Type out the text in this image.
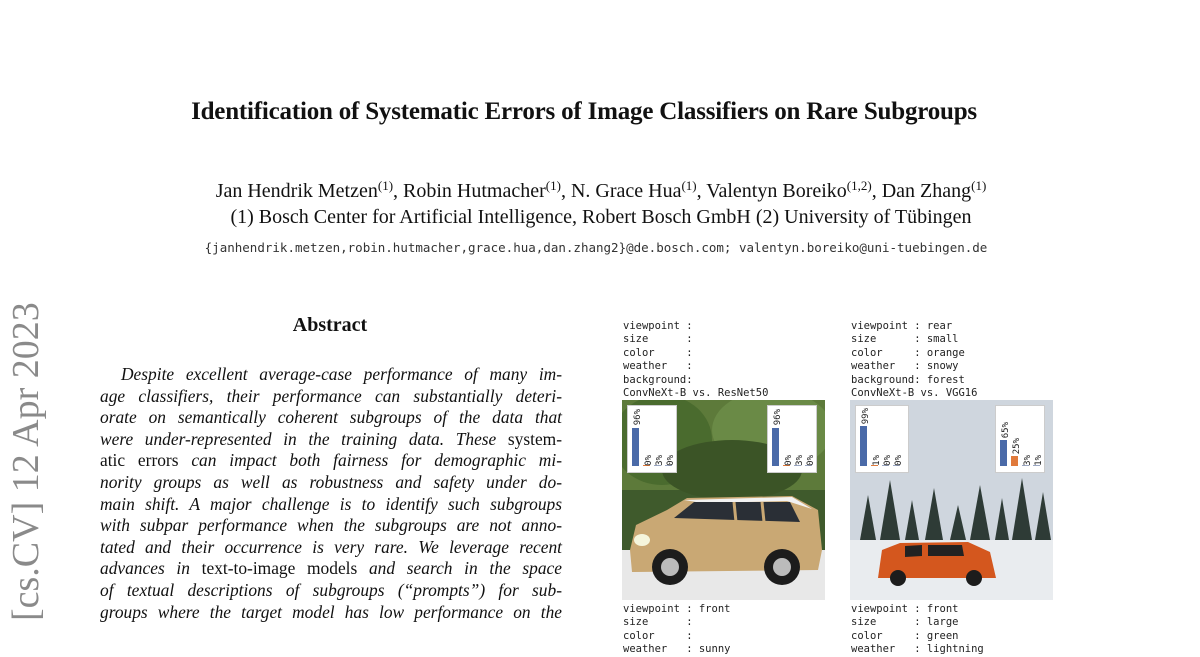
Identification of Systematic Errors of Image Classifiers on Rare Subgroups
Jan Hendrik Metzen$^{(1)}$, Robin Hutmacher$^{(1)}$, N. Grace Hua$^{(1)}$, Valentyn Boreiko$^{(1,2)}$, Dan Zhang$^{(1)}$
(1) Bosch Center for Artificial Intelligence, Robert Bosch GmbH (2) University of Tübingen
{janhendrik.metzen,robin.hutmacher,grace.hua,dan.zhang2}@de.bosch.com; valentyn.boreiko@uni-tuebingen.de
[cs.CV] 12 Apr 2023	Abstract
Despite excellent average-case performance of many im-
age classifiers, their performance can substantially deteri-
orate on semantically coherent subgroups of the data that
were under-represented in the training data. These system-
atic errors can impact both fairness for demographic mi-
nority groups as well as robustness and safety under do-
main shift. A major challenge is to identify such subgroups
with subpar performance when the subgroups are not anno-
tated and their occurrence is very rare. We leverage recent
advances in text-to-image models and search in the space
of textual descriptions of subgroups (“prompts”) for sub-
groups where the target model has low performance on the
viewpoint :
size      :
color     :
weather   :
background:
ConvNeXt-B vs. ResNet50
96%
0% 3% 0%
96%
0% 3% 0%
viewpoint : front
size      :
color     :
weather   : sunny
viewpoint : rear
size      : small
color     : orange
weather   : snowy
background: forest
ConvNeXt-B vs. VGG16
99%
1% 0% 0%
65%
25%
3% 1%
viewpoint : front
size      : large
color     : green
weather   : lightning
